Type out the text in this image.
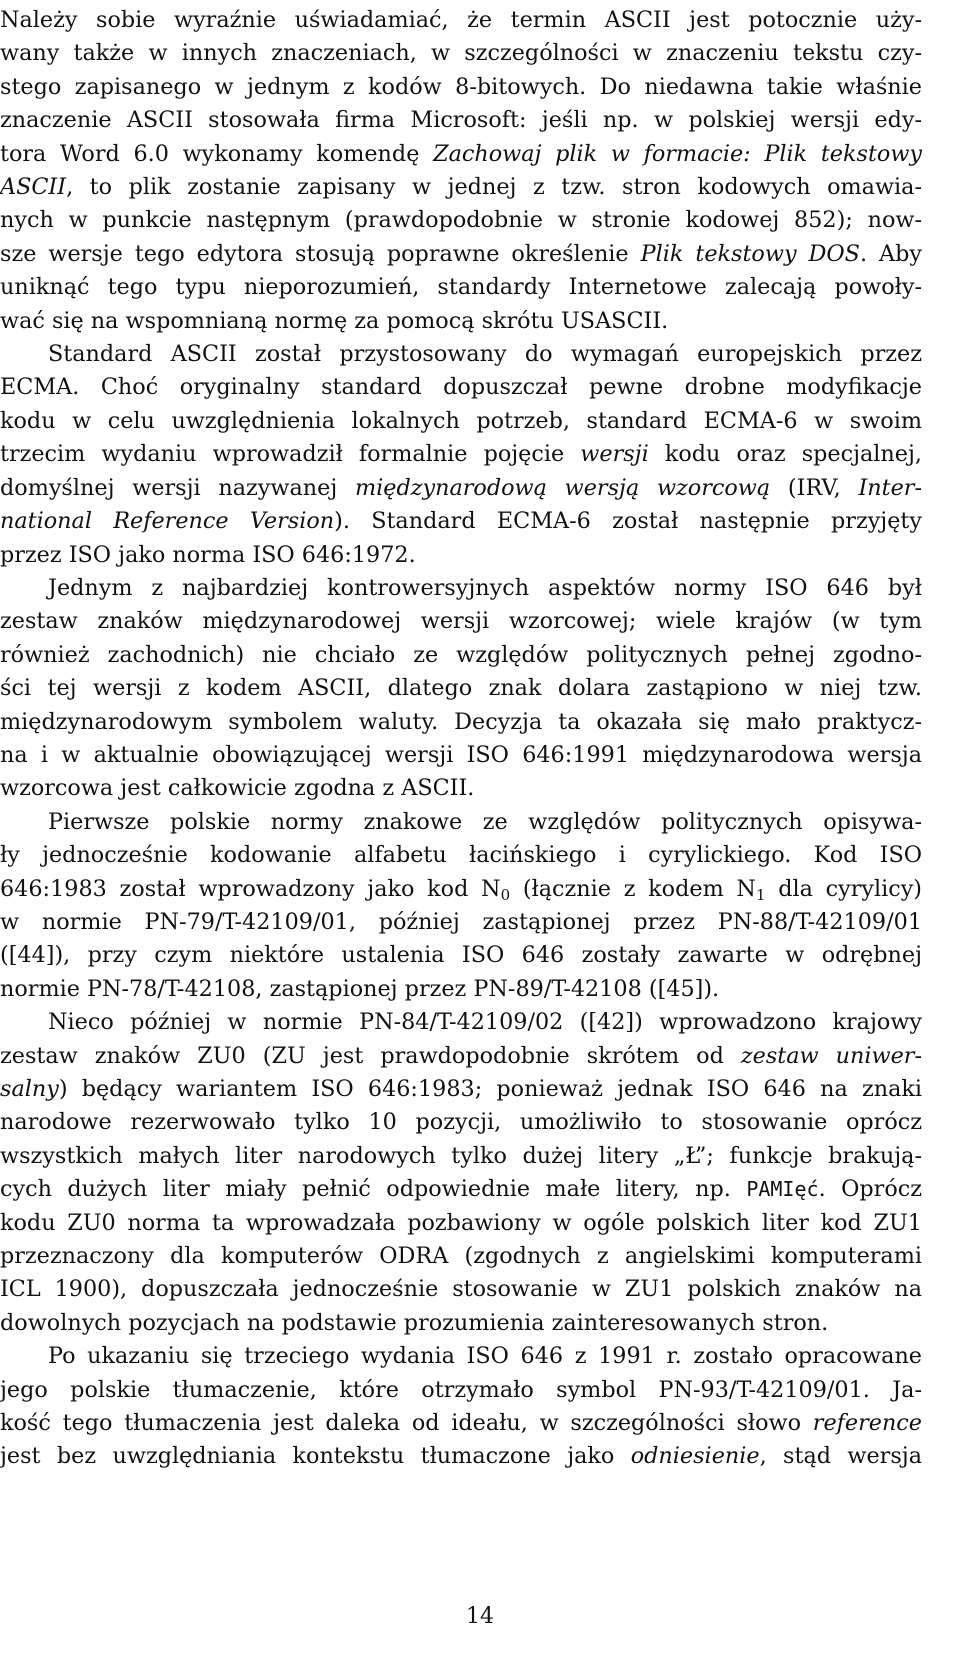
Należy sobie wyraźnie uświadamiać, że termin ASCII jest potocznie uży-
wany także w innych znaczeniach, w szczególności w znaczeniu tekstu czy-
stego zapisanego w jednym z kodów 8-bitowych. Do niedawna takie właśnie
znaczenie ASCII stosowała firma Microsoft: jeśli np. w polskiej wersji edy-
tora Word 6.0 wykonamy komendę Zachowaj plik w formacie: Plik tekstowy
ASCII, to plik zostanie zapisany w jednej z tzw. stron kodowych omawia-
nych w punkcie następnym (prawdopodobnie w stronie kodowej 852); now-
sze wersje tego edytora stosują poprawne określenie Plik tekstowy DOS. Aby
uniknąć tego typu nieporozumień, standardy Internetowe zalecają powoły-
wać się na wspomnianą normę za pomocą skrótu USASCII.
Standard ASCII został przystosowany do wymagań europejskich przez
ECMA. Choć oryginalny standard dopuszczał pewne drobne modyfikacje
kodu w celu uwzględnienia lokalnych potrzeb, standard ECMA-6 w swoim
trzecim wydaniu wprowadził formalnie pojęcie wersji kodu oraz specjalnej,
domyślnej wersji nazywanej międzynarodową wersją wzorcową (IRV, Inter-
national Reference Version). Standard ECMA-6 został następnie przyjęty
przez ISO jako norma ISO 646:1972.
Jednym z najbardziej kontrowersyjnych aspektów normy ISO 646 był
zestaw znaków międzynarodowej wersji wzorcowej; wiele krajów (w tym
również zachodnich) nie chciało ze względów politycznych pełnej zgodno-
ści tej wersji z kodem ASCII, dlatego znak dolara zastąpiono w niej tzw.
międzynarodowym symbolem waluty. Decyzja ta okazała się mało praktycz-
na i w aktualnie obowiązującej wersji ISO 646:1991 międzynarodowa wersja
wzorcowa jest całkowicie zgodna z ASCII.
Pierwsze polskie normy znakowe ze względów politycznych opisywa-
ły jednocześnie kodowanie alfabetu łacińskiego i cyrylickiego. Kod ISO
646:1983 został wprowadzony jako kod $N_0$ (łącznie z kodem $N_1$ dla cyrylicy)
w normie PN-79/T-42109/01, później zastąpionej przez PN-88/T-42109/01
([44]), przy czym niektóre ustalenia ISO 646 zostały zawarte w odrębnej
normie PN-78/T-42108, zastąpionej przez PN-89/T-42108 ([45]).
Nieco później w normie PN-84/T-42109/02 ([42]) wprowadzono krajowy
zestaw znaków ZU0 (ZU jest prawdopodobnie skrótem od zestaw uniwer-
salny) będący wariantem ISO 646:1983; ponieważ jednak ISO 646 na znaki
narodowe rezerwowało tylko 10 pozycji, umożliwiło to stosowanie oprócz
wszystkich małych liter narodowych tylko dużej litery „Ł”; funkcje brakują-
cych dużych liter miały pełnić odpowiednie małe litery, np. PAMIęć. Oprócz
kodu ZU0 norma ta wprowadzała pozbawiony w ogóle polskich liter kod ZU1
przeznaczony dla komputerów ODRA (zgodnych z angielskimi komputerami
ICL 1900), dopuszczała jednocześnie stosowanie w ZU1 polskich znaków na
dowolnych pozycjach na podstawie prozumienia zainteresowanych stron.
Po ukazaniu się trzeciego wydania ISO 646 z 1991 r. zostało opracowane
jego polskie tłumaczenie, które otrzymało symbol PN-93/T-42109/01. Ja-
kość tego tłumaczenia jest daleka od ideału, w szczególności słowo reference
jest bez uwzględniania kontekstu tłumaczone jako odniesienie, stąd wersja
14
